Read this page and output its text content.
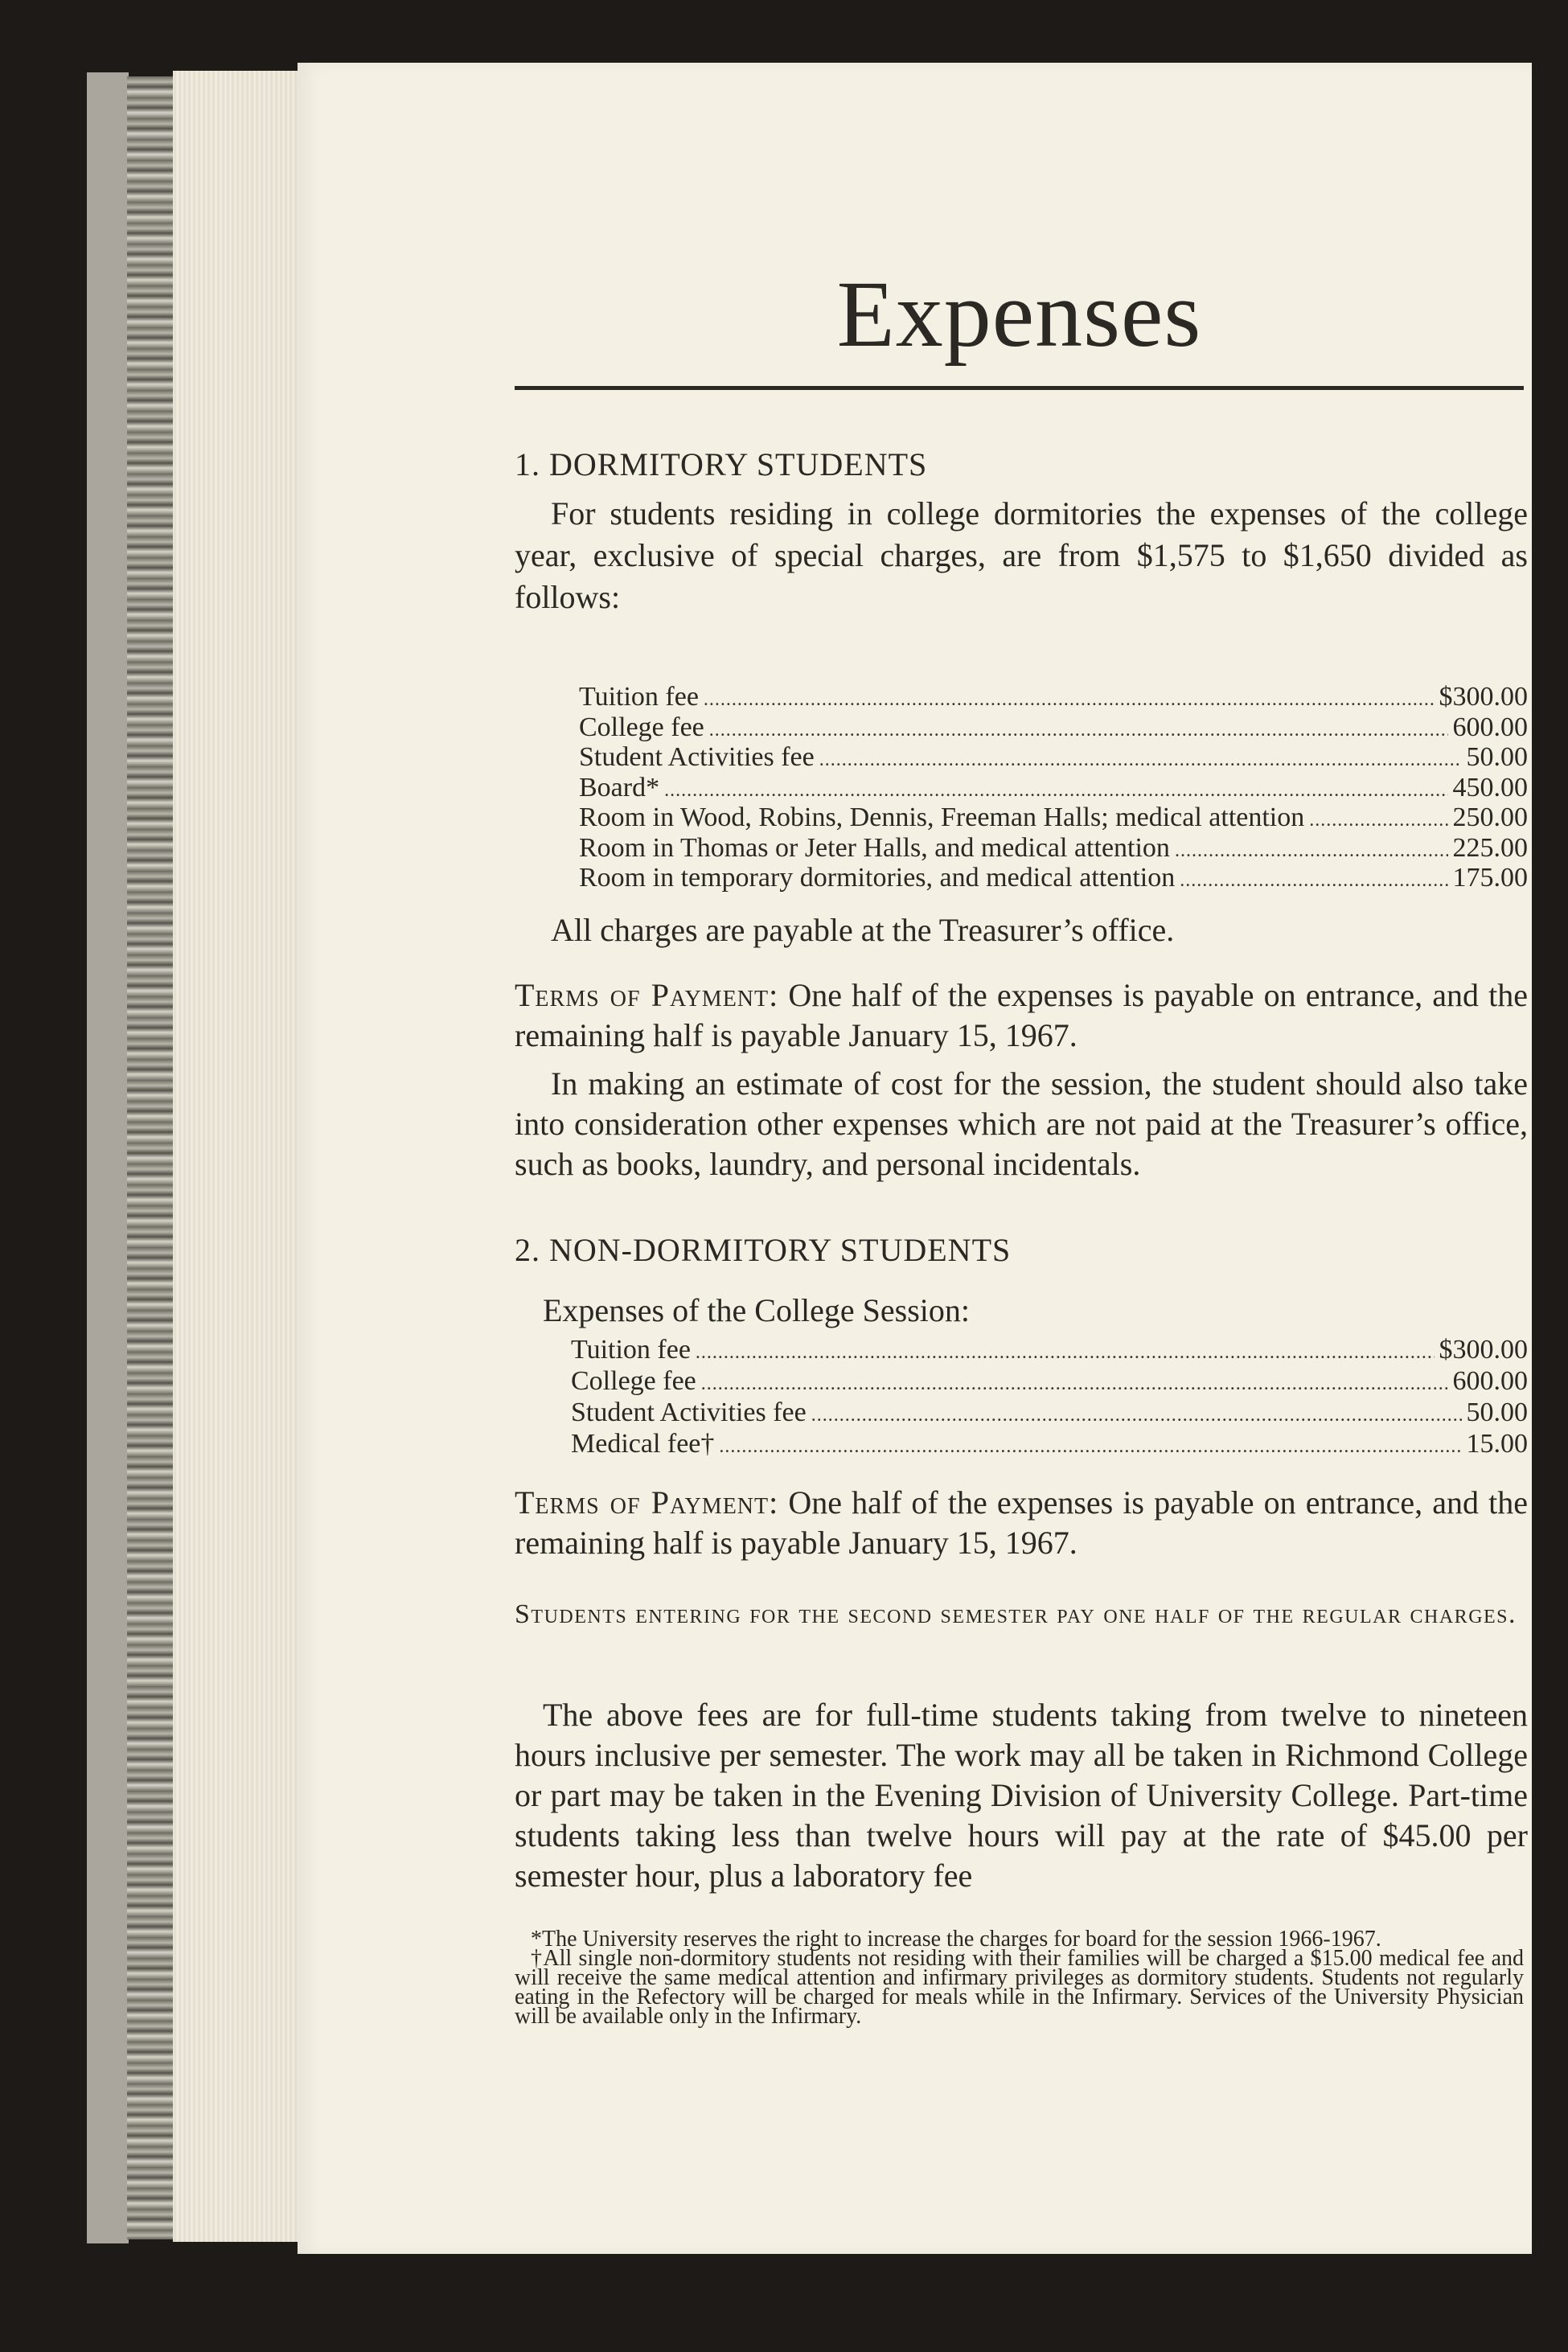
Expenses
1. DORMITORY STUDENTS
For students residing in college dormitories the expenses of the college year, exclusive of special charges, are from $1,575 to $1,650 divided as follows:
Tuition fee .....	$300.00
College fee .....	600.00
Student Activities fee .....	50.00
Board* .....	450.00
Room in Wood, Robins, Dennis, Freeman Halls; medical attention .....	250.00
Room in Thomas or Jeter Halls, and medical attention .....	225.00
Room in temporary dormitories, and medical attention .....	175.00
All charges are payable at the Treasurer’s office.
Terms of Payment: One half of the expenses is payable on entrance, and the remaining half is payable January 15, 1967.
In making an estimate of cost for the session, the student should also take into consideration other expenses which are not paid at the Treasurer’s office, such as books, laundry, and personal incidentals.
2. NON-DORMITORY STUDENTS
Expenses of the College Session:
Tuition fee .....	$300.00
College fee .....	600.00
Student Activities fee .....	50.00
Medical fee† .....	15.00
Terms of Payment: One half of the expenses is payable on entrance, and the remaining half is payable January 15, 1967.
Students entering for the second semester pay one half of the regular charges.
The above fees are for full-time students taking from twelve to nineteen hours inclusive per semester. The work may all be taken in Richmond College or part may be taken in the Evening Division of University College. Part-time students taking less than twelve hours will pay at the rate of $45.00 per semester hour, plus a laboratory fee
*The University reserves the right to increase the charges for board for the session 1966-1967.
†All single non-dormitory students not residing with their families will be charged a $15.00 medical fee and will receive the same medical attention and infirmary privileges as dormitory students. Students not regularly eating in the Refectory will be charged for meals while in the Infirmary. Services of the University Physician will be available only in the Infirmary.
